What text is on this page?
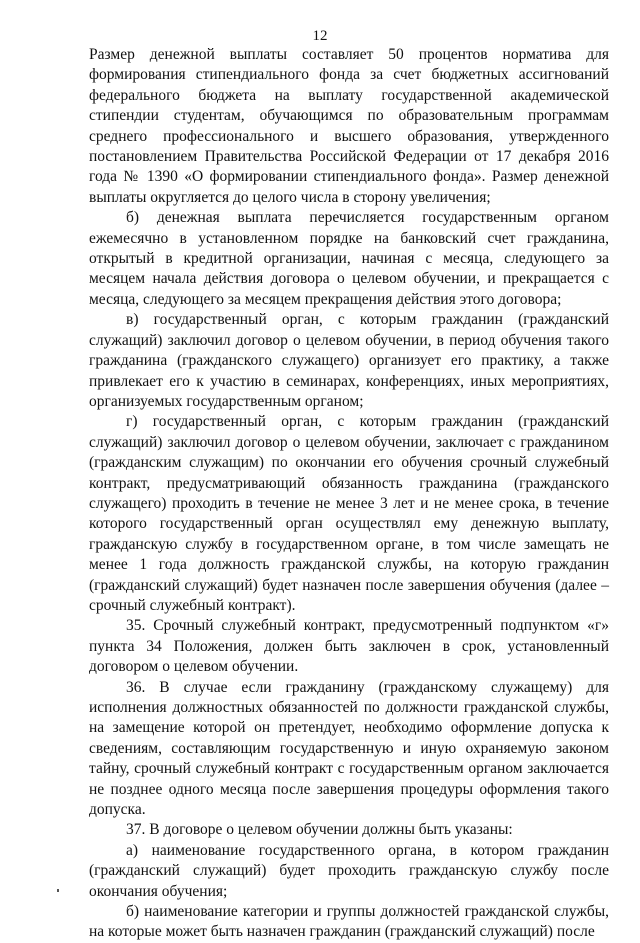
12

Размер денежной выплаты составляет 50 процентов норматива для формирования стипендиального фонда за счет бюджетных ассигнований федерального бюджета на выплату государственной академической стипендии студентам, обучающимся по образовательным программам среднего профессионального и высшего образования, утвержденного постановлением Правительства Российской Федерации от 17 декабря 2016 года № 1390 «О формировании стипендиального фонда». Размер денежной выплаты округляется до целого числа в сторону увеличения;

б) денежная выплата перечисляется государственным органом ежемесячно в установленном порядке на банковский счет гражданина, открытый в кредитной организации, начиная с месяца, следующего за месяцем начала действия договора о целевом обучении, и прекращается с месяца, следующего за месяцем прекращения действия этого договора;

в) государственный орган, с которым гражданин (гражданский служащий) заключил договор о целевом обучении, в период обучения такого гражданина (гражданского служащего) организует его практику, а также привлекает его к участию в семинарах, конференциях, иных мероприятиях, организуемых государственным органом;

г) государственный орган, с которым гражданин (гражданский служащий) заключил договор о целевом обучении, заключает с гражданином (гражданским служащим) по окончании его обучения срочный служебный контракт, предусматривающий обязанность гражданина (гражданского служащего) проходить в течение не менее 3 лет и не менее срока, в течение которого государственный орган осуществлял ему денежную выплату, гражданскую службу в государственном органе, в том числе замещать не менее 1 года должность гражданской службы, на которую гражданин (гражданский служащий) будет назначен после завершения обучения (далее – срочный служебный контракт).

35. Срочный служебный контракт, предусмотренный подпунктом «г» пункта 34 Положения, должен быть заключен в срок, установленный договором о целевом обучении.

36. В случае если гражданину (гражданскому служащему) для исполнения должностных обязанностей по должности гражданской службы, на замещение которой он претендует, необходимо оформление допуска к сведениям, составляющим государственную и иную охраняемую законом тайну, срочный служебный контракт с государственным органом заключается не позднее одного месяца после завершения процедуры оформления такого допуска.

37. В договоре о целевом обучении должны быть указаны:

а) наименование государственного органа, в котором гражданин (гражданский служащий) будет проходить гражданскую службу после окончания обучения;

б) наименование категории и группы должностей гражданской службы, на которые может быть назначен гражданин (гражданский служащий) после
